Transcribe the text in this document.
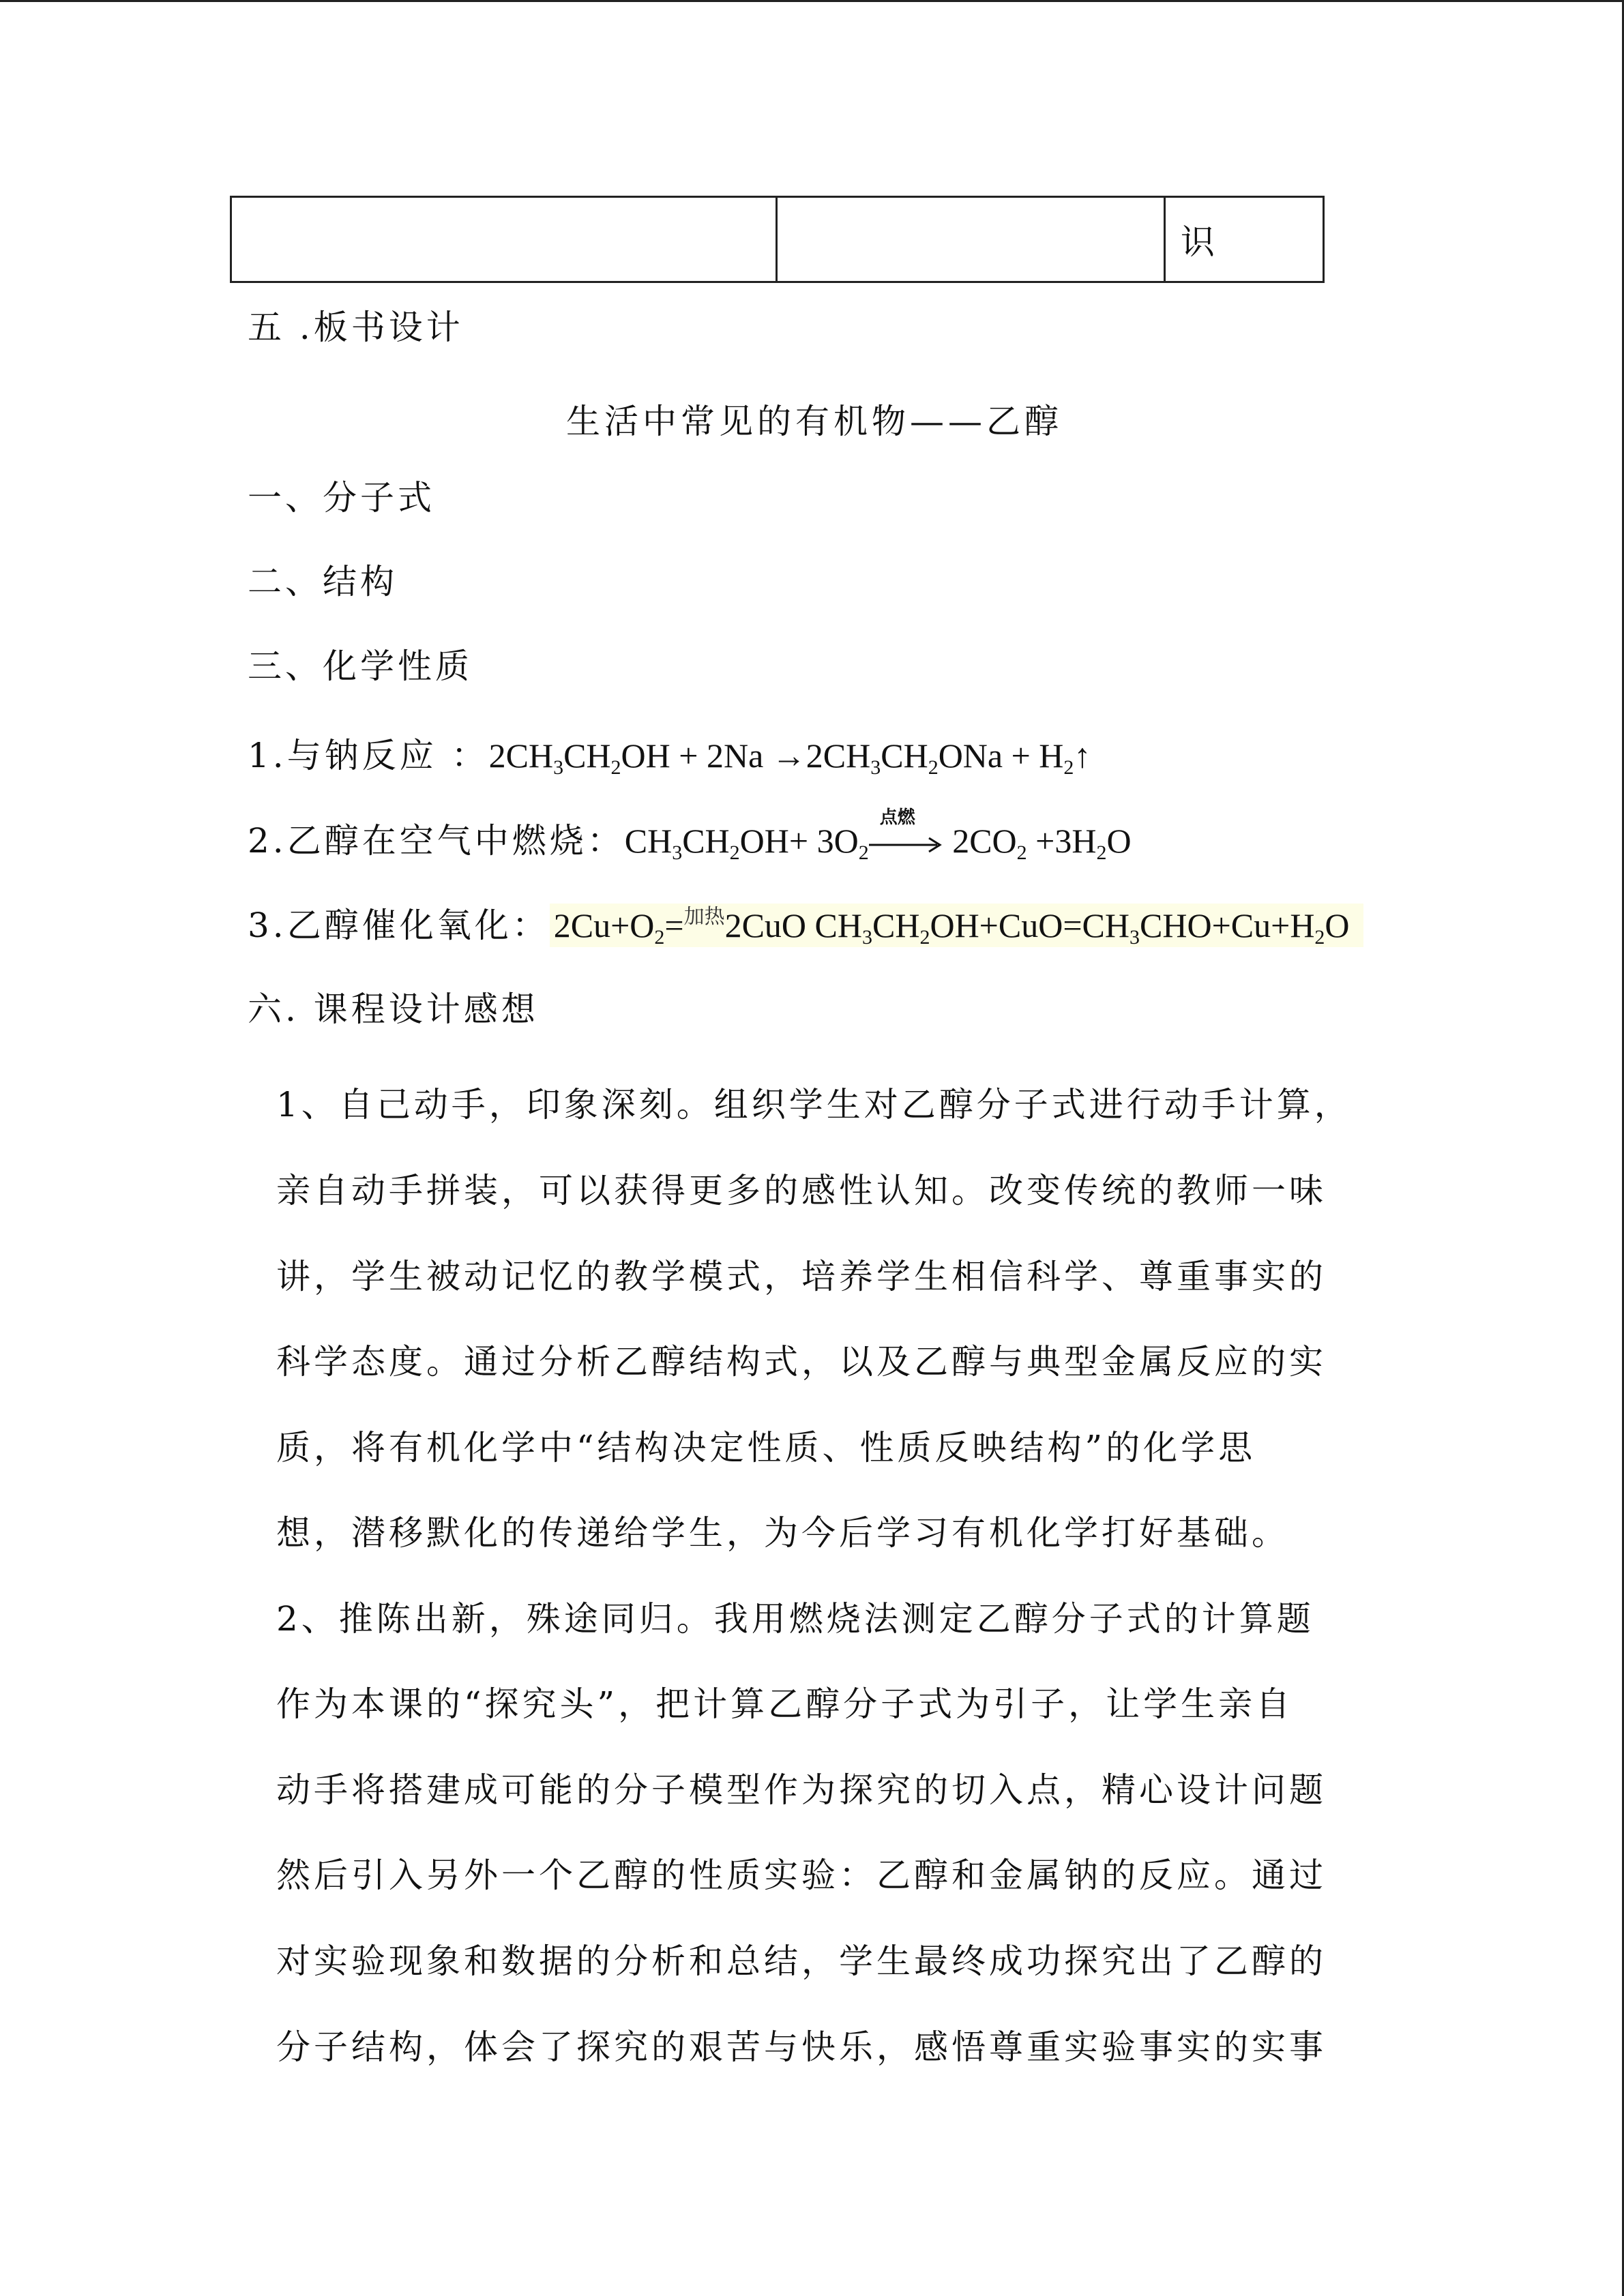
		识
五 .板书设计
生活中常见的有机物——乙醇
一、分子式
二、结构
三、化学性质
1.与钠反应 ：$2CH_3CH_2OH + 2Na \to 2CH_3CH_2ONa$ + $H_2↑$
2.乙醇在空气中燃烧：$CH_3CH_2OH+ 3O_2$
点燃
$2CO_2 +3H_2O$
3.乙醇催化氧化： $2Cu+O_2=^{加热}2CuO$ $CH_3CH_2OH+CuO=CH_3CHO+Cu+H_2O$
六. 课程设计感想
1、自己动手，印象深刻。组织学生对乙醇分子式进行动手计算，
亲自动手拼装，可以获得更多的感性认知。改变传统的教师一味
讲，学生被动记忆的教学模式，培养学生相信科学、尊重事实的
科学态度。通过分析乙醇结构式，以及乙醇与典型金属反应的实
质，将有机化学中“结构决定性质、性质反映结构”的化学思
想，潜移默化的传递给学生，为今后学习有机化学打好基础。
2、推陈出新，殊途同归。我用燃烧法测定乙醇分子式的计算题
作为本课的“探究头”，把计算乙醇分子式为引子，让学生亲自
动手将搭建成可能的分子模型作为探究的切入点，精心设计问题
然后引入另外一个乙醇的性质实验：乙醇和金属钠的反应。通过
对实验现象和数据的分析和总结，学生最终成功探究出了乙醇的
分子结构，体会了探究的艰苦与快乐，感悟尊重实验事实的实事
